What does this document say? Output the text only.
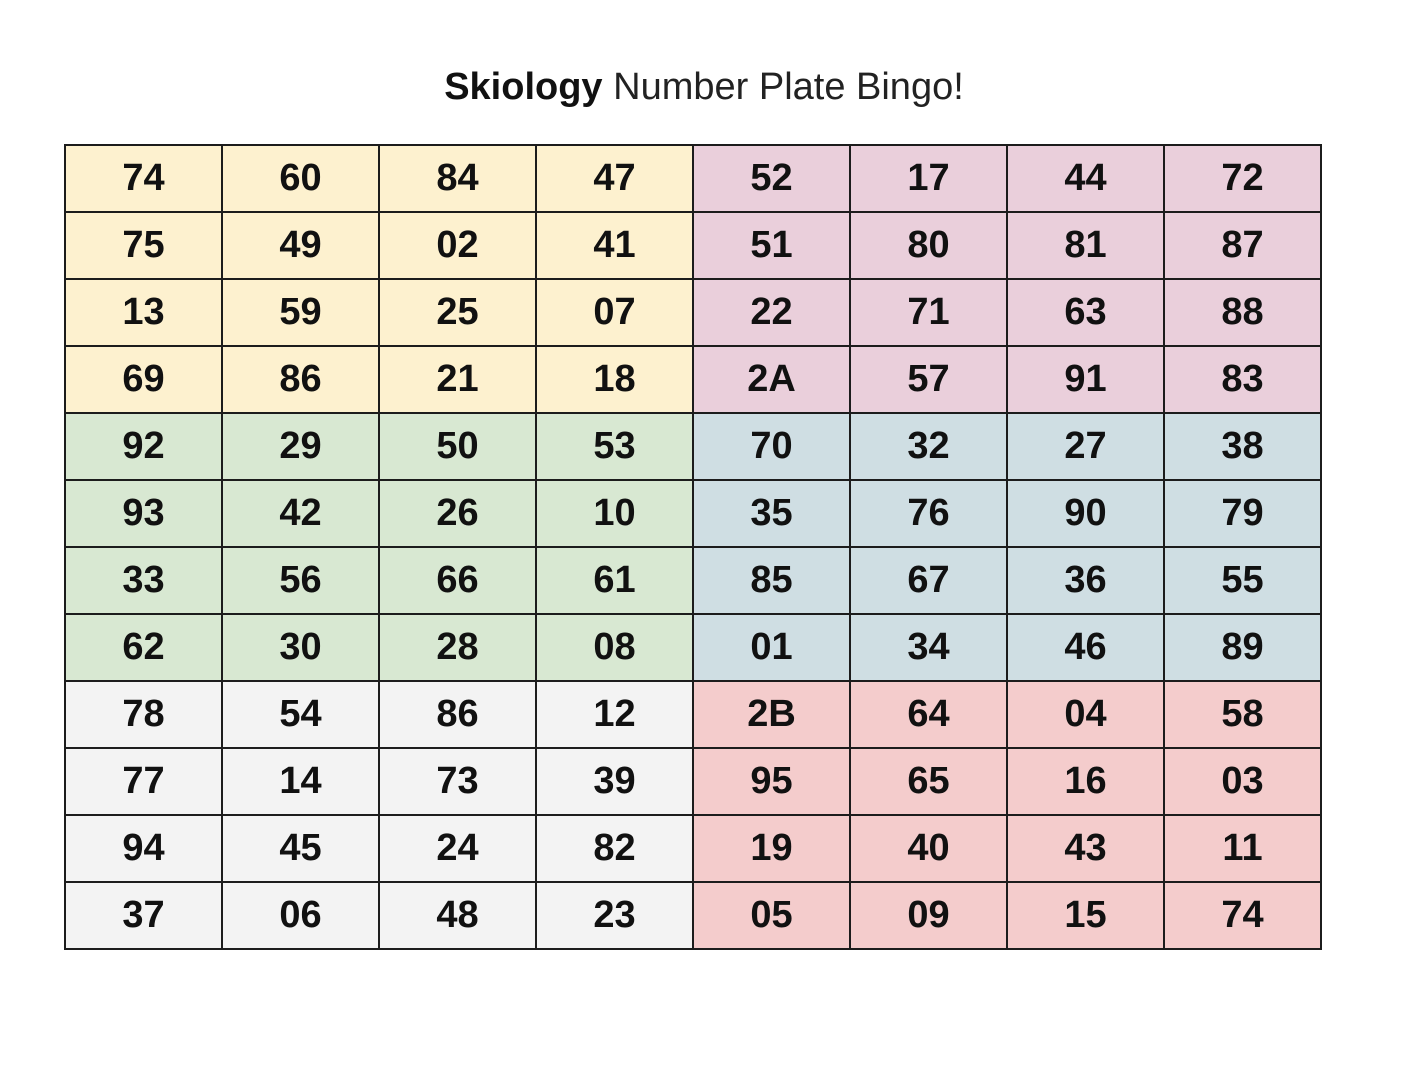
Skiology Number Plate Bingo!
74	60	84	47	52	17	44	72
75	49	02	41	51	80	81	87
13	59	25	07	22	71	63	88
69	86	21	18	2A	57	91	83
92	29	50	53	70	32	27	38
93	42	26	10	35	76	90	79
33	56	66	61	85	67	36	55
62	30	28	08	01	34	46	89
78	54	86	12	2B	64	04	58
77	14	73	39	95	65	16	03
94	45	24	82	19	40	43	11
37	06	48	23	05	09	15	74
